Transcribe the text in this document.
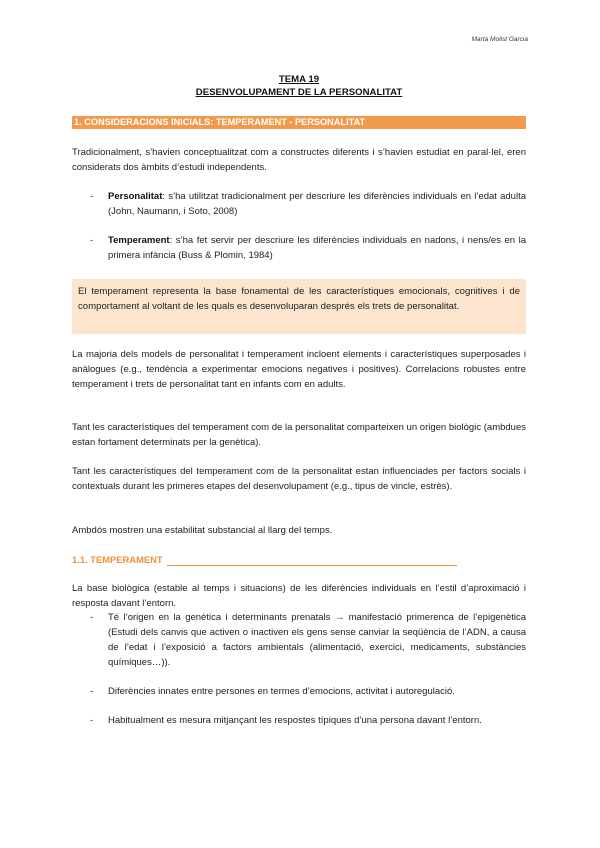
Marta Molist Garcia
TEMA 19
DESENVOLUPAMENT DE LA PERSONALITAT
1. CONSIDERACIONS INICIALS: TEMPERAMENT - PERSONALITAT

Tradicionalment, s’havien conceptualitzat com a constructes diferents i s’havien estudiat en paral·lel, eren considerats dos àmbits d’estudi independents.

-	Personalitat: s’ha utilitzat tradicionalment per descriure les diferències individuals en l’edat adulta (John, Naumann, i Soto, 2008)
-	Temperament: s’ha fet servir per descriure les diferències individuals en nadons, i nens/es en la primera infància (Buss & Plomin, 1984)
El temperament representa la base fonamental de les característiques emocionals, cognitives i de comportament al voltant de les quals es desenvoluparan després els trets de personalitat.

La majoria dels models de personalitat i temperament incloent elements i característiques superposades i anàlogues (e.g., tendència a experimentar emocions negatives i positives). Correlacions robustes entre temperament i trets de personalitat tant en infants com en adults.

Tant les característiques del temperament com de la personalitat comparteixen un origen biològic (ambdues estan fortament determinats per la genètica).

Tant les característiques del temperament com de la personalitat estan influenciades per factors socials i contextuals durant les primeres etapes del desenvolupament (e.g., tipus de vincle, estrès).

Ambdós mostren una estabilitat substancial al llarg del temps.

1.1. TEMPERAMENT

La base biològica (estable al temps i situacions) de les diferències individuals en l’estil d’aproximació i resposta davant l’entorn.

-	Té l’origen en la genètica i determinants prenatals → manifestació primerenca de l’epigenètica (Estudi dels canvis que activen o inactiven els gens sense canviar la seqüència de l’ADN, a causa de l’edat i l’exposició a factors ambientals (alimentació, exercici, medicaments, substàncies químiques…)).
-	Diferències innates entre persones en termes d’emocions, activitat i autoregulació.
-	Habitualment es mesura mitjançant les respostes típiques d’una persona davant l’entorn.
